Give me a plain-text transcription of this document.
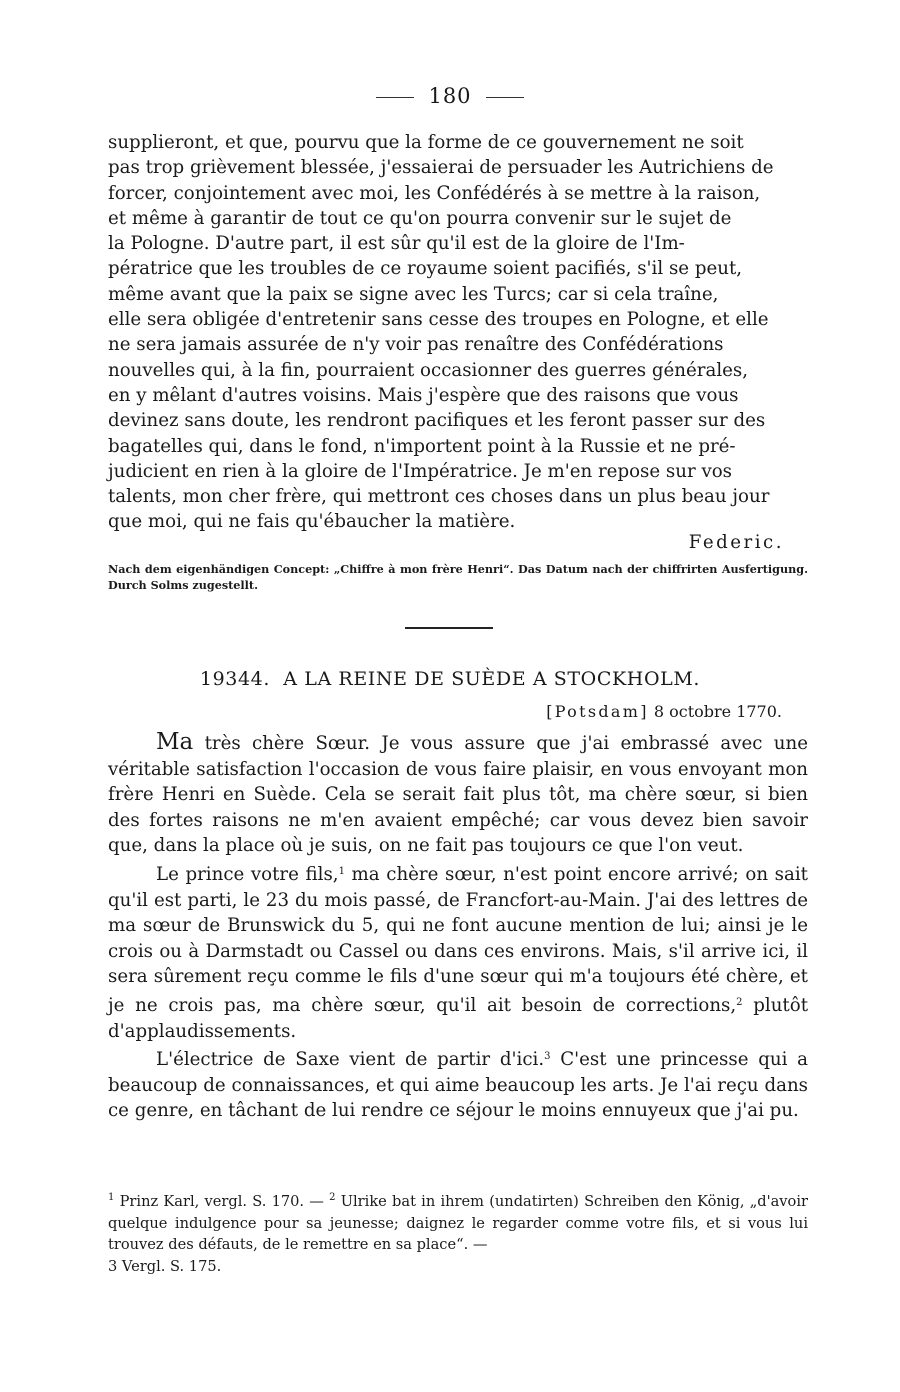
180

supplieront, et que, pourvu que la forme de ce gouvernement ne soit

pas trop grièvement blessée, j'essaierai de persuader les Autrichiens de

forcer, conjointement avec moi, les Confédérés à se mettre à la raison,

et même à garantir de tout ce qu'on pourra convenir sur le sujet de

la Pologne. D'autre part, il est sûr qu'il est de la gloire de l'Im-

pératrice que les troubles de ce royaume soient pacifiés, s'il se peut,

même avant que la paix se signe avec les Turcs; car si cela traîne,

elle sera obligée d'entretenir sans cesse des troupes en Pologne, et elle

ne sera jamais assurée de n'y voir pas renaître des Confédérations

nouvelles qui, à la fin, pourraient occasionner des guerres générales,

en y mêlant d'autres voisins. Mais j'espère que des raisons que vous

devinez sans doute, les rendront pacifiques et les feront passer sur des

bagatelles qui, dans le fond, n'importent point à la Russie et ne pré-

judicient en rien à la gloire de l'Impératrice. Je m'en repose sur vos

talents, mon cher frère, qui mettront ces choses dans un plus beau jour

que moi, qui ne fais qu'ébaucher la matière.

Federic.
Nach dem eigenhändigen Concept: „Chiffre à mon frère Henri“. Das Datum nach der chiffrirten Ausfertigung. Durch Solms zugestellt.
19344. A LA REINE DE SUÈDE A STOCKHOLM.
[Potsdam] 8 octobre 1770.

Ma très chère Sœur. Je vous assure que j'ai embrassé avec une véritable satisfaction l'occasion de vous faire plaisir, en vous envoyant mon frère Henri en Suède. Cela se serait fait plus tôt, ma chère sœur, si bien des fortes raisons ne m'en avaient empêché; car vous devez bien savoir que, dans la place où je suis, on ne fait pas toujours ce que l'on veut.

Le prince votre fils,$^1$ ma chère sœur, n'est point encore arrivé; on sait qu'il est parti, le 23 du mois passé, de Francfort-au-Main. J'ai des lettres de ma sœur de Brunswick du 5, qui ne font aucune mention de lui; ainsi je le crois ou à Darmstadt ou Cassel ou dans ces environs. Mais, s'il arrive ici, il sera sûrement reçu comme le fils d'une sœur qui m'a toujours été chère, et je ne crois pas, ma chère sœur, qu'il ait besoin de corrections,$^2$ plutôt d'applaudissements.

L'électrice de Saxe vient de partir d'ici.$^3$ C'est une princesse qui a beaucoup de connaissances, et qui aime beaucoup les arts. Je l'ai reçu dans ce genre, en tâchant de lui rendre ce séjour le moins ennuyeux que j'ai pu.

$^1$ Prinz Karl, vergl. S. 170. — $^2$ Ulrike bat in ihrem (undatirten) Schreiben den König, „d'avoir quelque indulgence pour sa jeunesse; daignez le regarder comme votre fils, et si vous lui trouvez des défauts, de le remettre en sa place“. —

3 Vergl. S. 175.
